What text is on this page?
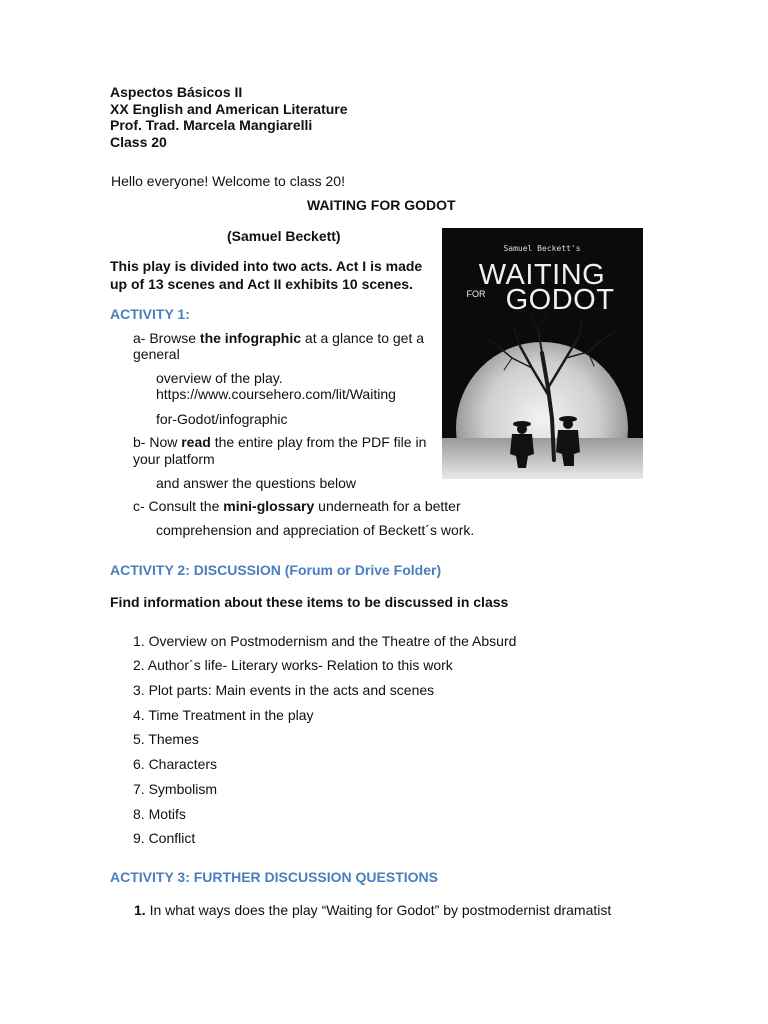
Aspectos Básicos II
XX English and American Literature
Prof. Trad. Marcela Mangiarelli
Class 20
Hello everyone! Welcome to class 20!
WAITING FOR GODOT
(Samuel Beckett)
This play is divided into two acts. Act I is made
up of 13 scenes and Act II exhibits 10 scenes.
Samuel Beckett's
WAITING
FOR GODOT
ACTIVITY 1:
a- Browse the infographic at a glance to get a
general
overview of the play.
https://www.coursehero.com/lit/Waiting
for-Godot/infographic
b- Now read the entire play from the PDF file in
your platform
and answer the questions below
c- Consult the mini-glossary underneath for a better
comprehension and appreciation of Beckett´s work.
ACTIVITY 2: DISCUSSION (Forum or Drive Folder)
Find information about these items to be discussed in class
1. Overview on Postmodernism and the Theatre of the Absurd
2. Author´s life- Literary works- Relation to this work
3. Plot parts: Main events in the acts and scenes
4. Time Treatment in the play
5. Themes
6. Characters
7. Symbolism
8. Motifs
9. Conflict
ACTIVITY 3: FURTHER DISCUSSION QUESTIONS
1. In what ways does the play “Waiting for Godot” by postmodernist dramatist
